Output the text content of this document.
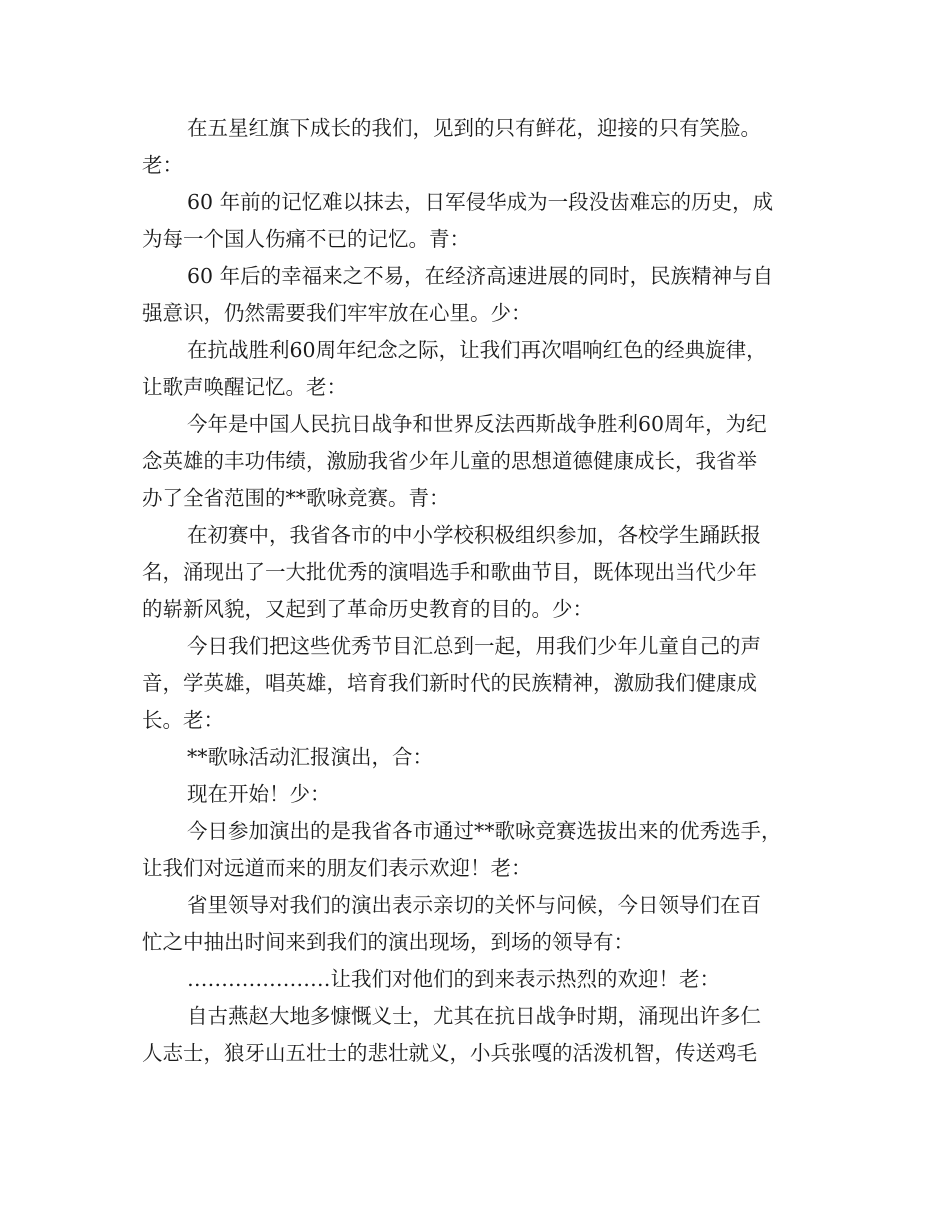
在五星红旗下成长的我们，见到的只有鲜花，迎接的只有笑脸。
老：
60 年前的记忆难以抹去，日军侵华成为一段没齿难忘的历史，成
为每一个国人伤痛不已的记忆。青：
60 年后的幸福来之不易，在经济高速进展的同时，民族精神与自
强意识，仍然需要我们牢牢放在心里。少：
在抗战胜利60周年纪念之际，让我们再次唱响红色的经典旋律，
让歌声唤醒记忆。老：
今年是中国人民抗日战争和世界反法西斯战争胜利60周年，为纪
念英雄的丰功伟绩，激励我省少年儿童的思想道德健康成长，我省举
办了全省范围的**歌咏竞赛。青：
在初赛中，我省各市的中小学校积极组织参加，各校学生踊跃报
名，涌现出了一大批优秀的演唱选手和歌曲节目，既体现出当代少年
的崭新风貌，又起到了革命历史教育的目的。少：
今日我们把这些优秀节目汇总到一起，用我们少年儿童自己的声
音，学英雄，唱英雄，培育我们新时代的民族精神，激励我们健康成
长。老：
**歌咏活动汇报演出，合：
现在开始！少：
今日参加演出的是我省各市通过**歌咏竞赛选拔出来的优秀选手，
让我们对远道而来的朋友们表示欢迎！老：
省里领导对我们的演出表示亲切的关怀与问候，今日领导们在百
忙之中抽出时间来到我们的演出现场，到场的领导有：
…………………让我们对他们的到来表示热烈的欢迎！老：
自古燕赵大地多慷慨义士，尤其在抗日战争时期，涌现出许多仁
人志士，狼牙山五壮士的悲壮就义，小兵张嘎的活泼机智，传送鸡毛
